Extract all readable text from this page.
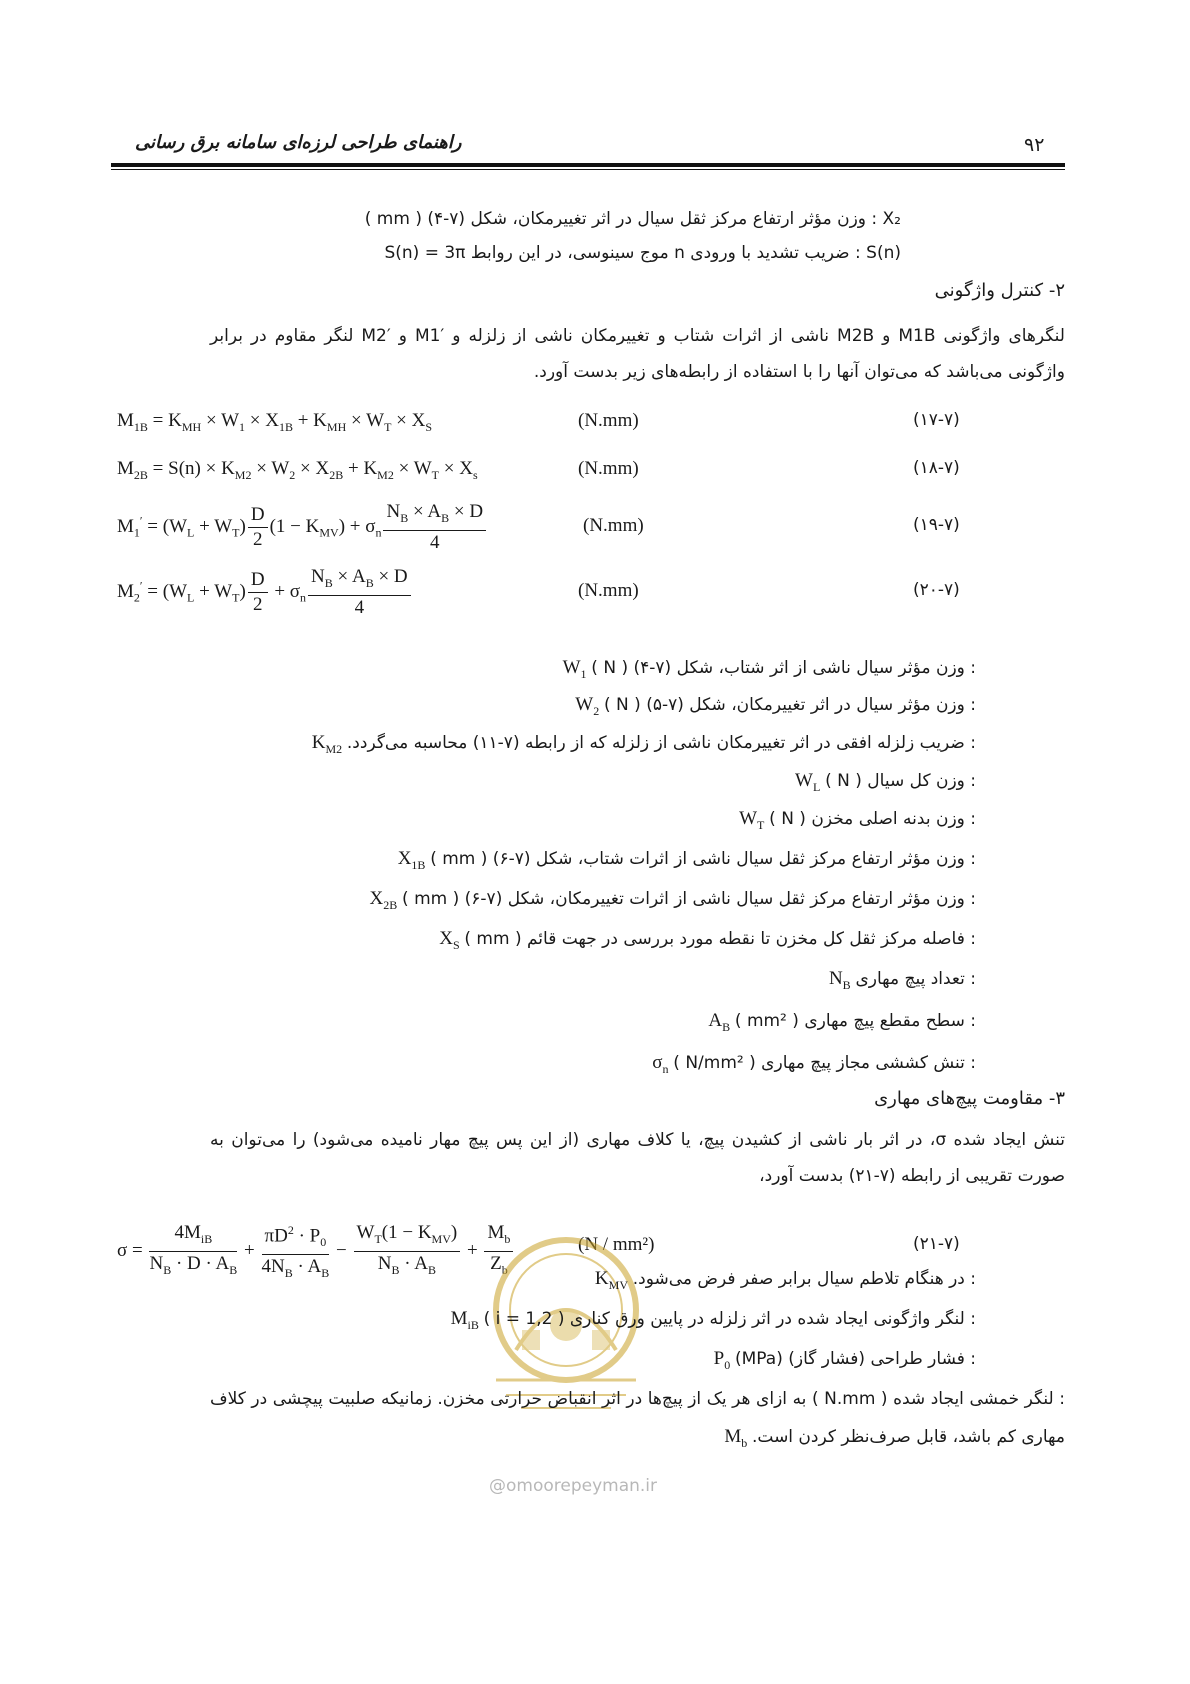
۹۲
راهنمای طراحی لرزه‌ای سامانه برق رسانی
X₂ : وزن مؤثر ارتفاع مرکز ثقل سیال در اثر تغییرمکان، شکل (۷-۴) ( mm )
S(n) : ضریب تشدید با ورودی n موج سینوسی، در این روابط S(n) = 3π
۲- کنترل واژگونی
لنگرهای واژگونی M1B و M2B ناشی از اثرات شتاب و تغییرمکان ناشی از زلزله و M1′ و M2′ لنگر مقاوم در برابر واژگونی می‌باشد که می‌توان آنها را با استفاده از رابطه‌های زیر بدست آورد.
$M_{1B} = K_{MH} \times W_1 \times X_{1B} + K_{MH} \times W_T \times X_S$	(N.mm)	(۱۷-۷)
$M_{2B} = S(n) \times K_{M2} \times W_2 \times X_{2B} + K_{M2} \times W_T \times X_s$	(N.mm)	(۱۸-۷)
$M_1' = (W_L + W_T) \frac{D}{2} (1 - K_{MV}) + \sigma_n \frac{N_B \times A_B \times D}{4}$	(N.mm)	(۱۹-۷)
$M_2' = (W_L + W_T) \frac{D}{2} + \sigma_n \frac{N_B \times A_B \times D}{4}$	(N.mm)	(۲۰-۷)
: وزن مؤثر سیال ناشی از اثر شتاب، شکل (۷-۴) ( N ) $W_1$
: وزن مؤثر سیال در اثر تغییرمکان، شکل (۷-۵) ( N ) $W_2$
: ضریب زلزله افقی در اثر تغییرمکان ناشی از زلزله که از رابطه (۷-۱۱) محاسبه می‌گردد. $K_{M2}$
: وزن کل سیال ( N ) $W_L$
: وزن بدنه اصلی مخزن ( N ) $W_T$
: وزن مؤثر ارتفاع مرکز ثقل سیال ناشی از اثرات شتاب، شکل (۷-۶) ( mm ) $X_{1B}$
: وزن مؤثر ارتفاع مرکز ثقل سیال ناشی از اثرات تغییرمکان، شکل (۷-۶) ( mm ) $X_{2B}$
: فاصله مرکز ثقل کل مخزن تا نقطه مورد بررسی در جهت قائم ( mm ) $X_S$
: تعداد پیچ مهاری $N_B$
: سطح مقطع پیچ مهاری ( mm² ) $A_B$
: تنش کششی مجاز پیچ مهاری ( N/mm² ) $\sigma_n$
۳- مقاومت پیچ‌های مهاری
تنش ایجاد شده σ، در اثر بار ناشی از کشیدن پیچ، یا کلاف مهاری (از این پس پیچ مهار نامیده می‌شود) را می‌توان به صورت تقریبی از رابطه (۷-۲۱) بدست آورد،
$\sigma = \frac{4M_{iB}}{N_B \cdot D \cdot A_B} + \frac{\pi D^2 \cdot P_0}{4N_B \cdot A_B} - \frac{W_T(1 - K_{MV})}{N_B \cdot A_B} + \frac{M_b}{Z_b}$	(N / mm²)	(۲۱-۷)
: در هنگام تلاطم سیال برابر صفر فرض می‌شود. $K_{MV}$
: لنگر واژگونی ایجاد شده در اثر زلزله در پایین ورق کناری ( i = 1,2 ) $M_{iB}$
: فشار طراحی (فشار گاز) (MPa) $P_0$
: لنگر خمشی ایجاد شده ( N.mm ) به ازای هر یک از پیچ‌ها در اثر انقباض حرارتی مخزن. زمانیکه صلبیت پیچشی در کلاف مهاری کم باشد، قابل صرف‌نظر کردن است. $M_b$
@omoorepeyman.ir
